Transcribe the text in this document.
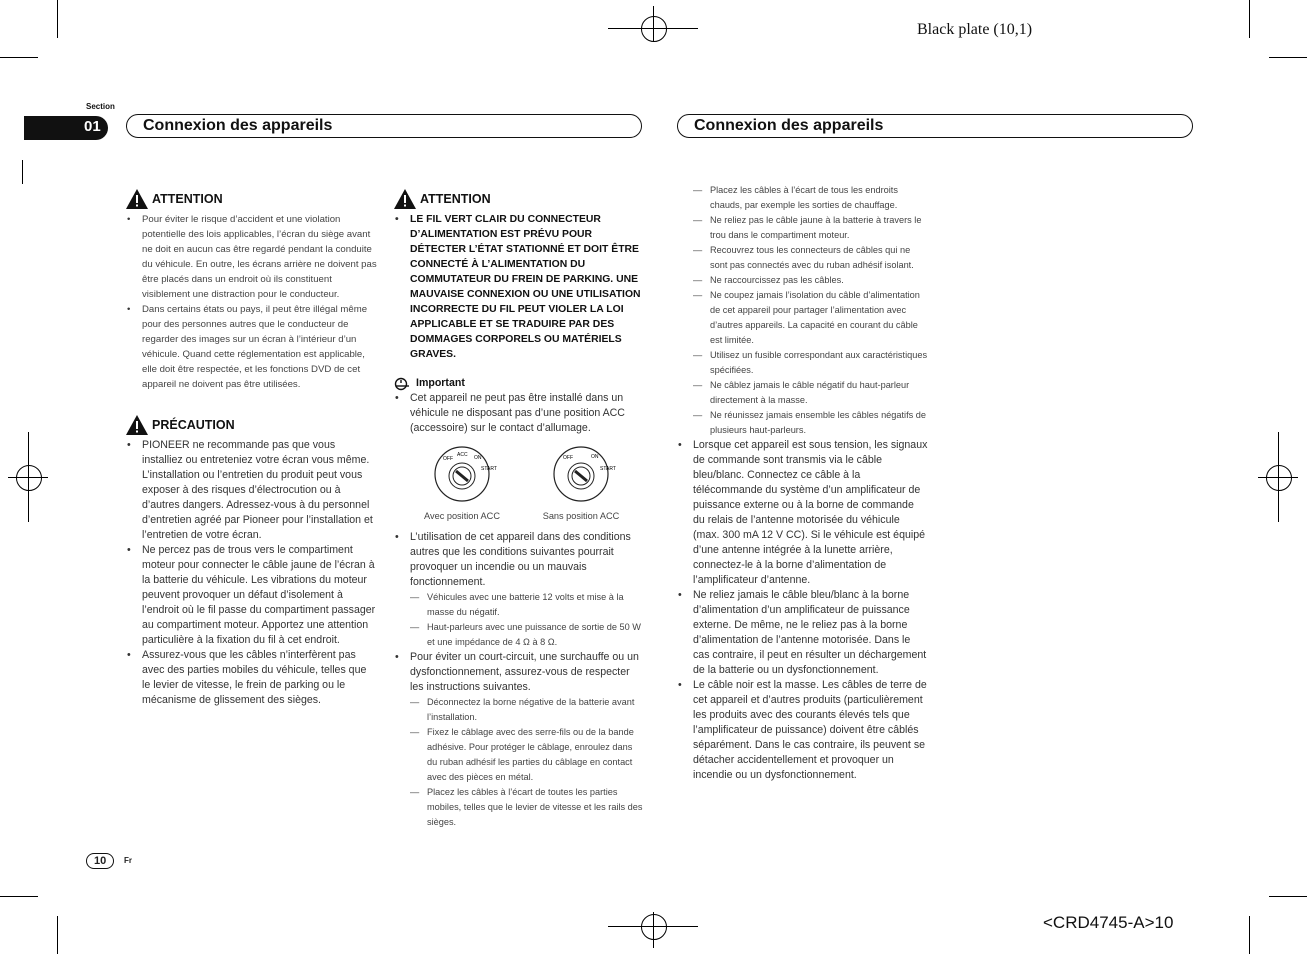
Black plate (10,1)
<CRD4745-A>10
Section
01	Connexion des appareils	Connexion des appareils
ATTENTION
• Pour éviter le risque d’accident et une violation potentielle des lois applicables, l’écran du siège avant ne doit en aucun cas être regardé pendant la conduite du véhicule. En outre, les écrans arrière ne doivent pas être placés dans un endroit où ils constituent visiblement une distraction pour le conducteur.
• Dans certains états ou pays, il peut être illégal même pour des personnes autres que le conducteur de regarder des images sur un écran à l’intérieur d’un véhicule. Quand cette réglementation est applicable, elle doit être respectée, et les fonctions DVD de cet appareil ne doivent pas être utilisées.
PRÉCAUTION
• PIONEER ne recommande pas que vous installiez ou entreteniez votre écran vous même. L’installation ou l’entretien du produit peut vous exposer à des risques d’électrocution ou à d’autres dangers. Adressez-vous à du personnel d’entretien agréé par Pioneer pour l’installation et l’entretien de votre écran.
• Ne percez pas de trous vers le compartiment moteur pour connecter le câble jaune de l’écran à la batterie du véhicule. Les vibrations du moteur peuvent provoquer un défaut d’isolement à l’endroit où le fil passe du compartiment passager au compartiment moteur. Apportez une attention particulière à la fixation du fil à cet endroit.
• Assurez-vous que les câbles n’interfèrent pas avec des parties mobiles du véhicule, telles que le levier de vitesse, le frein de parking ou le mécanisme de glissement des sièges.
ATTENTION
• LE FIL VERT CLAIR DU CONNECTEUR D’ALIMENTATION EST PRÉVU POUR DÉTECTER L’ÉTAT STATIONNÉ ET DOIT ÊTRE CONNECTÉ À L’ALIMENTATION DU COMMUTATEUR DU FREIN DE PARKING. UNE MAUVAISE CONNEXION OU UNE UTILISATION INCORRECTE DU FIL PEUT VIOLER LA LOI APPLICABLE ET SE TRADUIRE PAR DES DOMMAGES CORPORELS OU MATÉRIELS GRAVES.
Important
• Cet appareil ne peut pas être installé dans un véhicule ne disposant pas d’une position ACC (accessoire) sur le contact d’allumage.
OFF
ACC ON
START
Avec position ACC
OFF	ON
START
Sans position ACC
• L’utilisation de cet appareil dans des conditions autres que les conditions suivantes pourrait provoquer un incendie ou un mauvais fonctionnement.
— Véhicules avec une batterie 12 volts et mise à la masse du négatif.
— Haut-parleurs avec une puissance de sortie de 50 W et une impédance de 4 Ω à 8 Ω.
• Pour éviter un court-circuit, une surchauffe ou un dysfonctionnement, assurez-vous de respecter les instructions suivantes.
— Déconnectez la borne négative de la batterie avant l’installation.
— Fixez le câblage avec des serre-fils ou de la bande adhésive. Pour protéger le câblage, enroulez dans du ruban adhésif les parties du câblage en contact avec des pièces en métal.
— Placez les câbles à l’écart de toutes les parties mobiles, telles que le levier de vitesse et les rails des sièges.
— Placez les câbles à l’écart de tous les endroits chauds, par exemple les sorties de chauffage.
— Ne reliez pas le câble jaune à la batterie à travers le trou dans le compartiment moteur.
— Recouvrez tous les connecteurs de câbles qui ne sont pas connectés avec du ruban adhésif isolant.
— Ne raccourcissez pas les câbles.
— Ne coupez jamais l’isolation du câble d’alimentation de cet appareil pour partager l’alimentation avec d’autres appareils. La capacité en courant du câble est limitée.
— Utilisez un fusible correspondant aux caractéristiques spécifiées.
— Ne câblez jamais le câble négatif du haut-parleur directement à la masse.
— Ne réunissez jamais ensemble les câbles négatifs de plusieurs haut-parleurs.
• Lorsque cet appareil est sous tension, les signaux de commande sont transmis via le câble bleu/blanc. Connectez ce câble à la télécommande du système d’un amplificateur de puissance externe ou à la borne de commande du relais de l’antenne motorisée du véhicule (max. 300 mA 12 V CC). Si le véhicule est équipé d’une antenne intégrée à la lunette arrière, connectez-le à la borne d’alimentation de l’amplificateur d’antenne.
• Ne reliez jamais le câble bleu/blanc à la borne d’alimentation d’un amplificateur de puissance externe. De même, ne le reliez pas à la borne d’alimentation de l’antenne motorisée. Dans le cas contraire, il peut en résulter un déchargement de la batterie ou un dysfonctionnement.
• Le câble noir est la masse. Les câbles de terre de cet appareil et d’autres produits (particulièrement les produits avec des courants élevés tels que l’amplificateur de puissance) doivent être câblés séparément. Dans le cas contraire, ils peuvent se détacher accidentellement et provoquer un incendie ou un dysfonctionnement.
10	Fr
